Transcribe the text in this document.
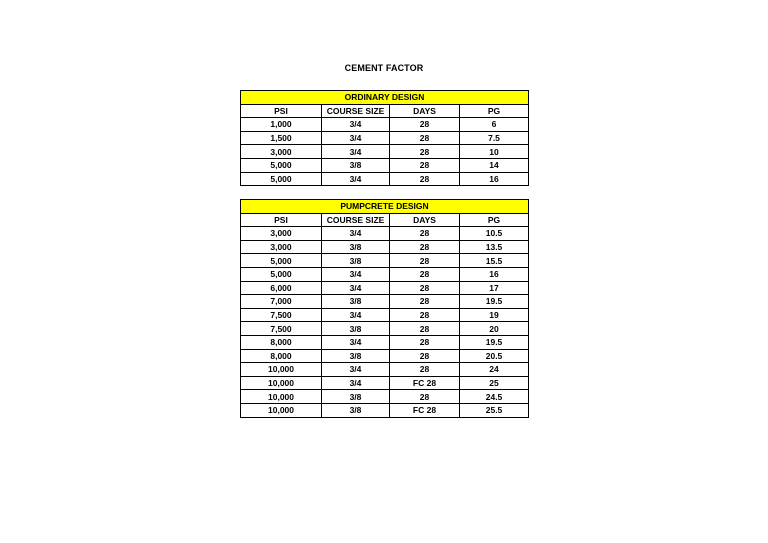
CEMENT FACTOR
ORDINARY DESIGN			
PSI	COURSE SIZE	DAYS	PG
1,000	3/4	28	6
1,500	3/4	28	7.5
3,000	3/4	28	10
5,000	3/8	28	14
5,000	3/4	28	16
PUMPCRETE DESIGN			
PSI	COURSE SIZE	DAYS	PG
3,000	3/4	28	10.5
3,000	3/8	28	13.5
5,000	3/8	28	15.5
5,000	3/4	28	16
6,000	3/4	28	17
7,000	3/8	28	19.5
7,500	3/4	28	19
7,500	3/8	28	20
8,000	3/4	28	19.5
8,000	3/8	28	20.5
10,000	3/4	28	24
10,000	3/4	FC 28	25
10,000	3/8	28	24.5
10,000	3/8	FC 28	25.5
